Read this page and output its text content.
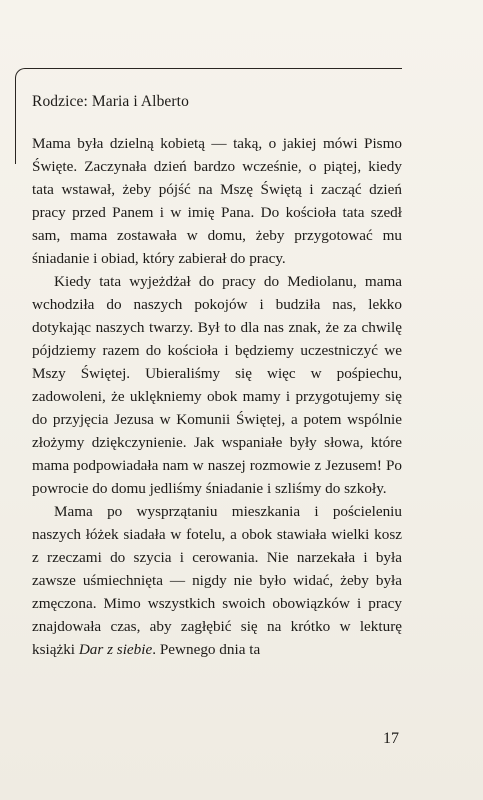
Rodzice: Maria i Alberto

Mama była dzielną kobietą — taką, o jakiej mówi Pismo Święte. Zaczynała dzień bardzo wcześnie, o piątej, kiedy tata wstawał, żeby pójść na Mszę Świętą i zacząć dzień pracy przed Panem i w imię Pana. Do kościoła tata szedł sam, mama zostawała w domu, żeby przygotować mu śniadanie i obiad, który zabierał do pracy.

Kiedy tata wyjeżdżał do pracy do Mediolanu, mama wchodziła do naszych pokojów i budziła nas, lekko dotykając naszych twarzy. Był to dla nas znak, że za chwilę pójdziemy razem do kościoła i będziemy uczestniczyć we Mszy Świętej. Ubieraliśmy się więc w pośpiechu, zadowoleni, że uklękniemy obok mamy i przygotujemy się do przyjęcia Jezusa w Komunii Świętej, a potem wspólnie złożymy dziękczynienie. Jak wspaniałe były słowa, które mama podpowiadała nam w naszej rozmowie z Jezusem! Po powrocie do domu jedliśmy śniadanie i szliśmy do szkoły.

Mama po wysprzątaniu mieszkania i pościeleniu naszych łóżek siadała w fotelu, a obok stawiała wielki kosz z rzeczami do szycia i cerowania. Nie narzekała i była zawsze uśmiechnięta — nigdy nie było widać, żeby była zmęczona. Mimo wszystkich swoich obowiązków i pracy znajdowała czas, aby zagłębić się na krótko w lekturę książki Dar z siebie. Pewnego dnia ta

17
